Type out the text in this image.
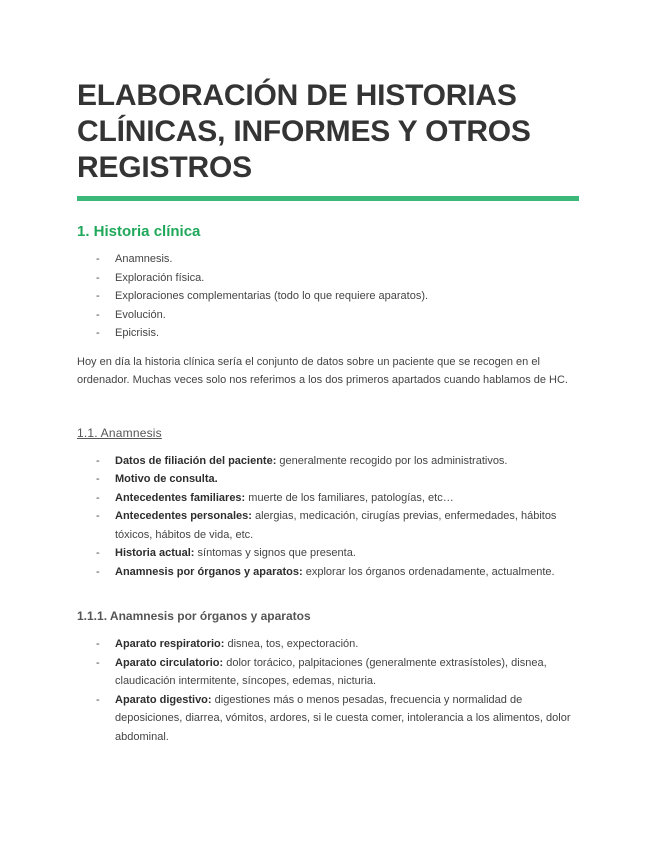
ELABORACIÓN DE HISTORIAS CLÍNICAS, INFORMES Y OTROS REGISTROS
1. Historia clínica
- Anamnesis.
- Exploración física.
- Exploraciones complementarias (todo lo que requiere aparatos).
- Evolución.
- Epicrisis.

Hoy en día la historia clínica sería el conjunto de datos sobre un paciente que se recogen en el ordenador. Muchas veces solo nos referimos a los dos primeros apartados cuando hablamos de HC.

1.1. Anamnesis
- Datos de filiación del paciente: generalmente recogido por los administrativos.
- Motivo de consulta.
- Antecedentes familiares: muerte de los familiares, patologías, etc…
- Antecedentes personales: alergias, medicación, cirugías previas, enfermedades, hábitos tóxicos, hábitos de vida, etc.
- Historia actual: síntomas y signos que presenta.
- Anamnesis por órganos y aparatos: explorar los órganos ordenadamente, actualmente.
1.1.1. Anamnesis por órganos y aparatos
- Aparato respiratorio: disnea, tos, expectoración.
- Aparato circulatorio: dolor torácico, palpitaciones (generalmente extrasístoles), disnea, claudicación intermitente, síncopes, edemas, nicturia.
- Aparato digestivo: digestiones más o menos pesadas, frecuencia y normalidad de deposiciones, diarrea, vómitos, ardores, si le cuesta comer, intolerancia a los alimentos, dolor abdominal.
